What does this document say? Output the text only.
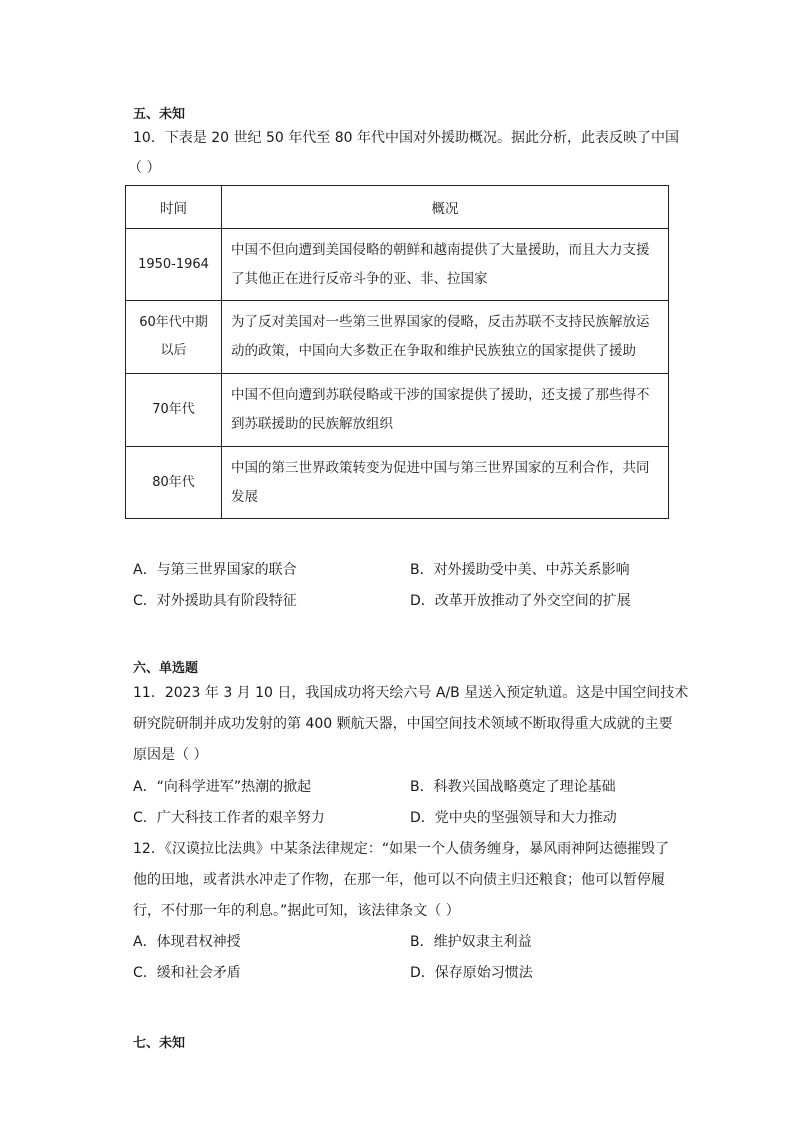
五、未知
10．下表是 20 世纪 50 年代至 80 年代中国对外援助概况。据此分析，此表反映了中国
（ ）
时间	概况
1950-1964	中国不但向遭到美国侵略的朝鲜和越南提供了大量援助，而且大力支援了其他正在进行反帝斗争的亚、非、拉国家

60年代中期
以后	为了反对美国对一些第三世界国家的侵略，反击苏联不支持民族解放运动的政策，中国向大多数正在争取和维护民族独立的国家提供了援助
70年代	中国不但向遭到苏联侵略或干涉的国家提供了援助，还支援了那些得不到苏联援助的民族解放组织
80年代	中国的第三世界政策转变为促进中国与第三世界国家的互利合作，共同发展
A．与第三世界国家的联合	B．对外援助受中美、中苏关系影响
C．对外援助具有阶段特征	D．改革开放推动了外交空间的扩展
六、单选题
11．2023 年 3 月 10 日，我国成功将天绘六号 A/B 星送入预定轨道。这是中国空间技术
研究院研制并成功发射的第 400 颗航天器，中国空间技术领域不断取得重大成就的主要
原因是（ ）
A．“向科学进军”热潮的掀起	B．科教兴国战略奠定了理论基础
C．广大科技工作者的艰辛努力	D．党中央的坚强领导和大力推动
12．《汉谟拉比法典》中某条法律规定：“如果一个人债务缠身，暴风雨神阿达德摧毁了
他的田地，或者洪水冲走了作物，在那一年，他可以不向债主归还粮食；他可以暂停履
行，不付那一年的利息。”据此可知，该法律条文（ ）
A．体现君权神授	B．维护奴隶主利益
C．缓和社会矛盾	D．保存原始习惯法
七、未知
